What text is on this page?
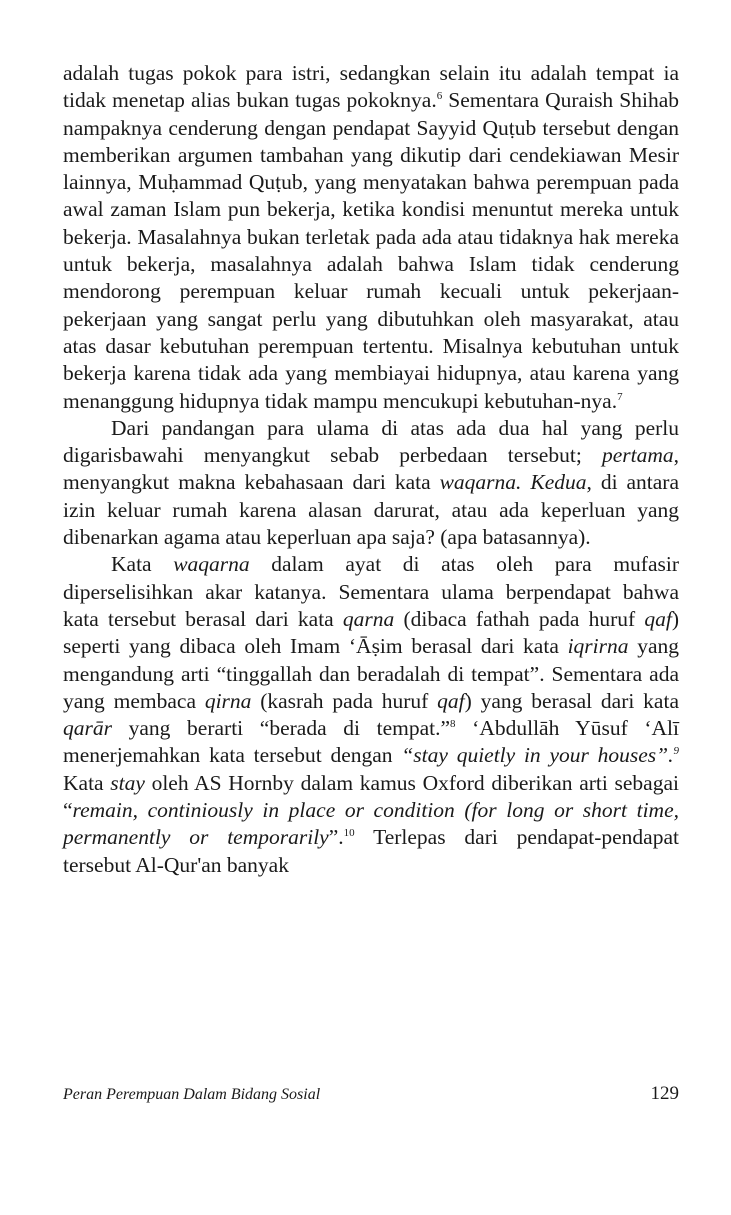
adalah tugas pokok para istri, sedangkan selain itu adalah tempat ia tidak menetap alias bukan tugas pokoknya.$^6$ Sementara Quraish Shihab nampaknya cenderung dengan pendapat Sayyid Quṭub tersebut dengan memberikan argumen tambahan yang dikutip dari cendekiawan Mesir lainnya, Muḥammad Quṭub, yang menyatakan bahwa perempuan pada awal zaman Islam pun bekerja, ketika kondisi menuntut mereka untuk bekerja. Masalahnya bukan terletak pada ada atau tidaknya hak mereka untuk bekerja, masalahnya adalah bahwa Islam tidak cenderung mendorong perempuan keluar rumah kecuali untuk pekerjaan-pekerjaan yang sangat perlu yang dibutuhkan oleh masyarakat, atau atas dasar kebutuhan perempuan tertentu. Misalnya kebutuhan untuk bekerja karena tidak ada yang membiayai hidupnya, atau karena yang menanggung hidupnya tidak mampu mencukupi kebutuhan-nya.$^7$

Dari pandangan para ulama di atas ada dua hal yang perlu digarisbawahi menyangkut sebab perbedaan tersebut; pertama, menyangkut makna kebahasaan dari kata waqarna. Kedua, di antara izin keluar rumah karena alasan darurat, atau ada keperluan yang dibenarkan agama atau keperluan apa saja? (apa batasannya).

Kata waqarna dalam ayat di atas oleh para mufasir diperselisihkan akar katanya. Sementara ulama berpendapat bahwa kata tersebut berasal dari kata qarna (dibaca fathah pada huruf qaf) seperti yang dibaca oleh Imam ‘Āṣim berasal dari kata iqrirna yang mengandung arti “tinggallah dan beradalah di tempat”. Sementara ada yang membaca qirna (kasrah pada huruf qaf) yang berasal dari kata qarār yang berarti “berada di tempat.”$^8$ ‘Abdullāh Yūsuf ‘Alī menerjemahkan kata tersebut dengan “stay quietly in your houses”.$^9$ Kata stay oleh AS Hornby dalam kamus Oxford diberikan arti sebagai “remain, continiously in place or condition (for long or short time, permanently or temporarily”.$^{10}$ Terlepas dari pendapat-pendapat tersebut Al-Qur'an banyak

Peran Perempuan Dalam Bidang Sosial	129
